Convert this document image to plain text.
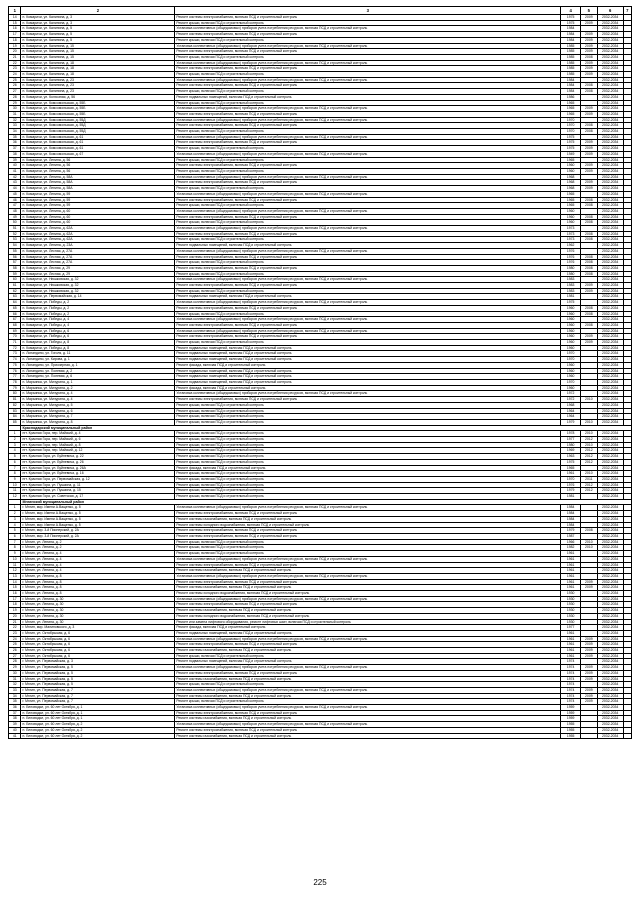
1	2	3	4	5	6	7
14	п. Комаричи, ул. Калинина, д. 3	Ремонт системы электроснабжения, включая ПСД и строительный контроль	1975	2009	2032-2034	
15	п. Комаричи, ул. Калинина, д. 3	Ремонт крыши, включая ПСД и строительный контроль	1975	2009	2032-2034	
16	п. Комаричи, ул. Калинина, д. 5	Установка коллективных (общедомовых) приборов учета потребления ресурсов, включая ПСД и строительный контроль	1984		2032-2034	
17	п. Комаричи, ул. Калинина, д. 5	Ремонт системы электроснабжения, включая ПСД и строительный контроль	1984	2009	2032-2034	
18	п. Комаричи, ул. Калинина, д. 5	Ремонт крыши, включая ПСД и строительный контроль	1984	2009	2032-2034	
19	п. Комаричи, ул. Калинина, д. 15	Установка коллективных (общедомовых) приборов учета потребления ресурсов, включая ПСД и строительный контроль	1985	2009	2032-2034	
20	п. Комаричи, ул. Калинина, д. 15	Ремонт системы электроснабжения, включая ПСД и строительный контроль	1985	2009	2032-2034	
21	п. Комаричи, ул. Калинина, д. 15	Ремонт крыши, включая ПСД и строительный контроль	1985	2008	2032-2034	
22	п. Комаричи, ул. Калинина, д. 18	Установка коллективных (общедомовых) приборов учета потребления ресурсов, включая ПСД и строительный контроль	1985	2009	2032-2034	
23	п. Комаричи, ул. Калинина, д. 18	Ремонт системы электроснабжения, включая ПСД и строительный контроль	1985	2009	2032-2034	
24	п. Комаричи, ул. Калинина, д. 18	Ремонт крыши, включая ПСД и строительный контроль	1985	2009	2032-2034	
25	п. Комаричи, ул. Калинина, д. 23	Установка коллективных (общедомовых) приборов учета потребления ресурсов, включая ПСД и строительный контроль	1984		2032-2034	
26	п. Комаричи, ул. Калинина, д. 23	Ремонт системы электроснабжения, включая ПСД и строительный контроль	1984	2008	2032-2034	
27	п. Комаричи, ул. Калинина, д. 23	Ремонт крыши, включая ПСД и строительный контроль	1984	2008	2032-2034	
28	п. Комаричи, ул. Колхозная, д. 56	Ремонт подвальных помещений, включая ПСД и строительный контроль	1986		2032-2034	
29	п. Комаричи, ул. Комсомольская, д. 55Б	Ремонт крыши, включая ПСД и строительный контроль	1965		2032-2034	
30	п. Комаричи, ул. Комсомольская, д. 55Б	Установка коллективных (общедомовых) приборов учета потребления ресурсов, включая ПСД и строительный контроль	1965	2009	2032-2034	
31	п. Комаричи, ул. Комсомольская, д. 55Б	Ремонт системы электроснабжения, включая ПСД и строительный контроль	1965	2009	2032-2034	
32	п. Комаричи, ул. Комсомольская, д. 55Д	Установка коллективных (общедомовых) приборов учета потребления ресурсов, включая ПСД и строительный контроль	1970		2032-2034	
33	п. Комаричи, ул. Комсомольская, д. 55Д	Ремонт системы электроснабжения, включая ПСД и строительный контроль	1970	2008	2032-2034	
34	п. Комаричи, ул. Комсомольская, д. 55Д	Ремонт крыши, включая ПСД и строительный контроль	1970	2008	2032-2034	
35	п. Комаричи, ул. Комсомольская, д. 61	Установка коллективных (общедомовых) приборов учета потребления ресурсов, включая ПСД и строительный контроль	1975		2032-2034	
36	п. Комаричи, ул. Комсомольская, д. 61	Ремонт системы электроснабжения, включая ПСД и строительный контроль	1975	2009	2032-2034	
37	п. Комаричи, ул. Комсомольская, д. 61	Ремонт крыши, включая ПСД и строительный контроль	1975	2009	2032-2034	
38	п. Комаричи, ул. Комсомольская, д. 67	Установка коллективных (общедомовых) приборов учета потребления ресурсов, включая ПСД и строительный контроль	1949	2009	2032-2034	
39	п. Комаричи, ул. Ленина, д. 56	Ремонт крыши, включая ПСД и строительный контроль	1965		2032-2034	
40	п. Комаричи, ул. Ленина, д. 56	Ремонт системы электроснабжения, включая ПСД и строительный контроль	1960	2009	2032-2034	
41	п. Комаричи, ул. Ленина, д. 56	Ремонт крыши, включая ПСД и строительный контроль	1960	2009	2032-2034	
42	п. Комаричи, ул. Ленина, д. 58А	Установка коллективных (общедомовых) приборов учета потребления ресурсов, включая ПСД и строительный контроль	1968		2032-2034	
43	п. Комаричи, ул. Ленина, д. 58А	Ремонт системы электроснабжения, включая ПСД и строительный контроль	1968	2009	2032-2034	
44	п. Комаричи, ул. Ленина, д. 58А	Ремонт крыши, включая ПСД и строительный контроль	1968	2009	2032-2034	
45	п. Комаричи, ул. Ленина, д. 59	Установка коллективных (общедомовых) приборов учета потребления ресурсов, включая ПСД и строительный контроль	1965		2032-2034	
46	п. Комаричи, ул. Ленина, д. 59	Ремонт системы электроснабжения, включая ПСД и строительный контроль	1965	2008	2032-2034	
47	п. Комаричи, ул. Ленина, д. 59	Ремонт крыши, включая ПСД и строительный контроль	1965	2008	2032-2034	
48	п. Комаричи, ул. Ленина, д. 60	Установка коллективных (общедомовых) приборов учета потребления ресурсов, включая ПСД и строительный контроль	1960		2032-2034	
49	п. Комаричи, ул. Ленина, д. 60	Ремонт системы электроснабжения, включая ПСД и строительный контроль	1960	2008	2032-2034	
50	п. Комаричи, ул. Ленина, д. 60	Ремонт крыши, включая ПСД и строительный контроль	1960	2008	2032-2034	
51	п. Комаричи, ул. Ленина, д. 62А	Установка коллективных (общедомовых) приборов учета потребления ресурсов, включая ПСД и строительный контроль	1973		2032-2034	
52	п. Комаричи, ул. Ленина, д. 62А	Ремонт системы электроснабжения, включая ПСД и строительный контроль	1973	2008	2032-2034	
53	п. Комаричи, ул. Ленина, д. 62А	Ремонт крыши, включая ПСД и строительный контроль	1973	2008	2032-2034	
54	п. Комаричи, ул. Ленина, д. 23А	Ремонт подвальных помещений, включая ПСД и строительный контроль	1962		2032-2034	
55	п. Комаричи, ул. Лесная, д. 27А	Установка коллективных (общедомовых) приборов учета потребления ресурсов, включая ПСД и строительный контроль	1976		2032-2034	
56	п. Комаричи, ул. Лесная, д. 27А	Ремонт системы электроснабжения, включая ПСД и строительный контроль	1976	2008	2032-2034	
57	п. Комаричи, ул. Лесная, д. 27А	Ремонт крыши, включая ПСД и строительный контроль	1976	2008	2032-2034	
58	п. Комаричи, ул. Лесная, д. 29	Ремонт системы электроснабжения, включая ПСД и строительный контроль	1980	2008	2032-2034	
59	п. Комаричи, ул. Лесная, д. 29	Ремонт крыши, включая ПСД и строительный контроль	1980	2008	2032-2034	
60	п. Комаричи, ул. Нюшковская, д. 32	Установка коллективных (общедомовых) приборов учета потребления ресурсов, включая ПСД и строительный контроль	1983		2032-2034	
61	п. Комаричи, ул. Нюшковская, д. 32	Ремонт системы электроснабжения, включая ПСД и строительный контроль	1983	2009	2032-2034	
62	п. Комаричи, ул. Нюшковская, д. 32	Ремонт крыши, включая ПСД и строительный контроль	1983	2009	2032-2034	
63	п. Комаричи, ул. Первомайская, д. 14	Ремонт подвальных помещений, включая ПСД и строительный контроль	1981		2032-2034	
64	п. Комаричи, ул. Победы, д. 2	Установка коллективных (общедомовых) приборов учета потребления ресурсов, включая ПСД и строительный контроль	1975		2032-2034	
65	п. Комаричи, ул. Победы, д. 2	Ремонт системы электроснабжения, включая ПСД и строительный контроль	1960	2008	2032-2034	
66	п. Комаричи, ул. Победы, д. 2	Ремонт крыши, включая ПСД и строительный контроль	1960	2008	2032-2034	
67	п. Комаричи, ул. Победы, д. 4	Установка коллективных (общедомовых) приборов учета потребления ресурсов, включая ПСД и строительный контроль	1960		2032-2034	
68	п. Комаричи, ул. Победы, д. 4	Ремонт системы электроснабжения, включая ПСД и строительный контроль	1960	2008	2032-2034	
69	п. Комаричи, ул. Победы, д. 6	Установка коллективных (общедомовых) приборов учета потребления ресурсов, включая ПСД и строительный контроль	1960		2032-2034	
70	п. Комаричи, ул. Победы, д. 6	Ремонт системы электроснабжения, включая ПСД и строительный контроль	1960	2009	2032-2034	
71	п. Комаричи, ул. Победы, д. 8	Ремонт крыши, включая ПСД и строительный контроль	1960	2009	2032-2034	
72	п. Комаричи, ул. Победы, д. 8	Ремонт подвальных помещений, включая ПСД и строительный контроль	1960		2032-2034	
73	п. Лопандино, ул. Гоголя, д. 11	Ремонт подвальных помещений, включая ПСД и строительный контроль	1970		2032-2034	
74	п. Лопандино, ул. Кирова, д. 1	Ремонт подвальных помещений, включая ПСД и строительный контроль	1970		2032-2034	
75	п. Лопандино, ул. Приозерная, д. 1	Ремонт фасада, включая ПСД и строительный контроль	1960		2032-2034	
76	п. Лопандино, ул. Полевая, д. 2	Ремонт подвальных помещений, включая ПСД и строительный контроль	1960		2032-2034	
77	п. Лопандино, ул. Полевая, д. 6	Ремонт подвальных помещений, включая ПСД и строительный контроль	1960		2032-2034	
78	п. Марьинка, ул. Мичурина, д. 1	Ремонт подвальных помещений, включая ПСД и строительный контроль	1970		2032-2034	
79	п. Марьинка, ул. Мичурина, д. 2	Ремонт фасада, включая ПСД и строительный контроль	1960		2032-2034	
80	п. Марьинка, ул. Мичурина, д. 4	Установка коллективных (общедомовых) приборов учета потребления ресурсов, включая ПСД и строительный контроль	1972		2032-2034	
81	п. Марьинка, ул. Мичурина, д. 4	Ремонт системы электроснабжения, включая ПСД и строительный контроль	1972	2010	2032-2034	
82	п. Марьинка, ул. Мичурина, д. 5	Ремонт крыши, включая ПСД и строительный контроль	1968		2032-2034	
83	п. Марьинка, ул. Мичурина, д. 6	Ремонт крыши, включая ПСД и строительный контроль	1964		2032-2034	
84	п. Марьинка, ул. Мичурина, д. 7	Ремонт крыши, включая ПСД и строительный контроль	1964		2032-2034	
85	п. Марьинка, ул. Мичурина, д. 8	Ремонт крыши, включая ПСД и строительный контроль	1979	2010	2032-2034	
	Краснодарский муниципальный район					
1	пгт. Красная Гора, пер. Майский, д. 4	Ремонт крыши, включая ПСД и строительный контроль	1978	2010	2032-2034	
2	пгт. Красная Гора, пер. Майский, д. 6	Ремонт крыши, включая ПСД и строительный контроль	1977	2012	2032-2034	
3	пгт. Красная Гора, пер. Майский, д. 8	Ремонт крыши, включая ПСД и строительный контроль	1980	2010	2032-2034	
4	пгт. Красная Гора, пер. Майский, д. 12	Ремонт крыши, включая ПСД и строительный контроль	1969	2012	2032-2034	
5	пгт. Красная Гора, ул. Буйневича, д. 22	Ремонт крыши, включая ПСД и строительный контроль	1963	2012	2032-2034	
6	пгт. Красная Гора, ул. Буйневича, д. 26	Ремонт крыши, включая ПСД и строительный контроль	1975	2012	2032-2034	
7	пгт. Красная Гора, ул. Буйневича, д. 26А	Ремонт фасада, включая ПСД и строительный контроль	1965		2032-2034	
8	пгт. Красная Гора, ул. Буйневича, д. 16	Ремонт крыши, включая ПСД и строительный контроль	1961	2010	2032-2034	
9	пгт. Красная Гора, ул. Первомайская, д. 12	Ремонт крыши, включая ПСД и строительный контроль	1970	2011	2032-2034	
10	пгт. Красная Гора, ул. Пушкина, д. 11	Ремонт крыши, включая ПСД и строительный контроль	1976	2012	2032-2034	
11	пгт. Красная Гора, ул. Пушкина, д. 15	Ремонт крыши, включая ПСД и строительный контроль	1979	2012	2032-2034	
12	пгт. Красная Гора, ул. Советская, д. 17	Ремонт крыши, включая ПСД и строительный контроль	1981		2032-2034	
	Мглинский муниципальный район					
1	г. Мглин, мкр. Имени А.Ващенко, д. 5	Установка коллективных (общедомовых) приборов учета потребления ресурсов, включая ПСД и строительный контроль	1984		2032-2034	
2	г. Мглин, мкр. Имени А.Ващенко, д. 5	Ремонт системы электроснабжения, включая ПСД и строительный контроль	1984		2032-2034	
3	г. Мглин, мкр. Имени А.Ващенко, д. 5	Ремонт системы газоснабжения, включая ПСД и строительный контроль	1984		2032-2034	
4	г. Мглин, мкр. Имени А.Ващенко, д. 5	Ремонт системы холодного водоснабжения, включая ПСД и строительный контроль	1984		2032-2034	
5	г. Мглин, мкр. 3-й Пионерский, д. 2А	Ремонт системы электроснабжения, включая ПСД и строительный контроль	1979	2008	2032-2034	
6	г. Мглин, мкр. 3-й Пионерский, д. 2А	Ремонт системы электроснабжения, включая ПСД и строительный контроль	1987		2032-2034	
7	г. Мглин, ул. Ленина, д. 2	Ремонт крыши, включая ПСД и строительный контроль	1966	2010	2032-2034	
8	г. Мглин, ул. Ленина, д. 2	Ремонт крыши, включая ПСД и строительный контроль	1982	2010	2032-2034	
9	г. Мглин, ул. Ленина, д. 4	Ремонт крыши, включая ПСД и строительный контроль	1961		2032-2034	
10	г. Мглин, ул. Ленина, д. 4	Установка коллективных (общедомовых) приборов учета потребления ресурсов, включая ПСД и строительный контроль	1961		2032-2034	
11	г. Мглин, ул. Ленина, д. 4	Ремонт системы электроснабжения, включая ПСД и строительный контроль	1961		2032-2034	
12	г. Мглин, ул. Ленина, д. 4	Ремонт системы газоснабжения, включая ПСД и строительный контроль	1961		2032-2034	
13	г. Мглин, ул. Ленина, д. 8	Установка коллективных (общедомовых) приборов учета потребления ресурсов, включая ПСД и строительный контроль	1961		2032-2034	
14	г. Мглин, ул. Ленина, д. 8	Ремонт системы электроснабжения, включая ПСД и строительный контроль	1961	2009	2032-2034	
15	г. Мглин, ул. Ленина, д. 8	Ремонт системы газоснабжения, включая ПСД и строительный контроль	1961	2009	2032-2034	
16	г. Мглин, ул. Ленина, д. 8	Ремонт системы холодного водоснабжения, включая ПСД и строительный контроль	1930		2032-2034	
17	г. Мглин, ул. Ленина, д. 30	Установка коллективных (общедомовых) приборов учета потребления ресурсов, включая ПСД и строительный контроль	1930		2032-2034	
18	г. Мглин, ул. Ленина, д. 30	Ремонт системы электроснабжения, включая ПСД и строительный контроль	1930		2032-2034	
19	г. Мглин, ул. Ленина, д. 30	Ремонт системы газоснабжения, включая ПСД и строительный контроль	1930		2032-2034	
20	г. Мглин, ул. Ленина, д. 30	Ремонт системы холодного водоснабжения, включая ПСД и строительный контроль	1930		2032-2034	
21	г. Мглин, ул. Ленина, д. 30	Ремонт или замена лифтового оборудования, ремонт лифтовых шахт, включая ПСД и строительный контроль	1930		2032-2034	
22	г. Мглин, мкр. Малиновского, д. 3	Ремонт фасада, включая ПСД и строительный контроль	1977		2032-2034	
23	г. Мглин, ул. Октябрьская, д. 6	Ремонт подвальных помещений, включая ПСД и строительный контроль	1961		2032-2034	
24	г. Мглин, ул. Октябрьская, д. 6	Установка коллективных (общедомовых) приборов учета потребления ресурсов, включая ПСД и строительный контроль	1961	2009	2032-2034	
25	г. Мглин, ул. Октябрьская, д. 6	Ремонт системы электроснабжения, включая ПСД и строительный контроль	1961	2009	2032-2034	
26	г. Мглин, ул. Октябрьская, д. 6	Ремонт системы газоснабжения, включая ПСД и строительный контроль	1961	2009	2032-2034	
27	г. Мглин, ул. Октябрьская, д. 6	Ремонт крыши, включая ПСД и строительный контроль	1961	2009	2032-2034	
28	г. Мглин, ул. Первомайская, д. 3	Ремонт подвальных помещений, включая ПСД и строительный контроль	1974		2032-2034	
29	г. Мглин, ул. Первомайская, д. 5	Установка коллективных (общедомовых) приборов учета потребления ресурсов, включая ПСД и строительный контроль	1974	2009	2032-2034	
30	г. Мглин, ул. Первомайская, д. 5	Ремонт системы электроснабжения, включая ПСД и строительный контроль	1974	2009	2032-2034	
31	г. Мглин, ул. Первомайская, д. 5	Ремонт системы газоснабжения, включая ПСД и строительный контроль	1974	2009	2032-2034	
32	г. Мглин, ул. Первомайская, д. 5	Ремонт крыши, включая ПСД и строительный контроль	1974		2032-2034	
33	г. Мглин, ул. Первомайская, д. 7	Установка коллективных (общедомовых) приборов учета потребления ресурсов, включая ПСД и строительный контроль	1974	2009	2032-2034	
34	г. Мглин, ул. Первомайская, д. 7	Ремонт системы газоснабжения, включая ПСД и строительный контроль	1974	2009	2032-2034	
35	г. Мглин, ул. Первомайская, д. 7	Ремонт крыши, включая ПСД и строительный контроль	1974	2009	2032-2034	
36	п. Беловодье, ул. 60 лет Октября, д. 1	Установка коллективных (общедомовых) приборов учета потребления ресурсов, включая ПСД и строительный контроль	1959		2032-2034	
37	п. Беловодье, ул. 60 лет Октября, д. 1	Ремонт системы электроснабжения, включая ПСД и строительный контроль	1959		2032-2034	
38	п. Беловодье, ул. 60 лет Октября, д. 1	Ремонт системы газоснабжения, включая ПСД и строительный контроль	1959		2032-2034	
39	п. Беловодье, ул. 60 лет Октября, д. 2	Установка коллективных (общедомовых) приборов учета потребления ресурсов, включая ПСД и строительный контроль	1955		2032-2034	
40	п. Беловодье, ул. 60 лет Октября, д. 2	Ремонт системы электроснабжения, включая ПСД и строительный контроль	1955		2032-2034	
41	п. Беловодье, ул. 60 лет Октября, д. 2	Ремонт системы газоснабжения, включая ПСД и строительный контроль	1955		2032-2034	
225
